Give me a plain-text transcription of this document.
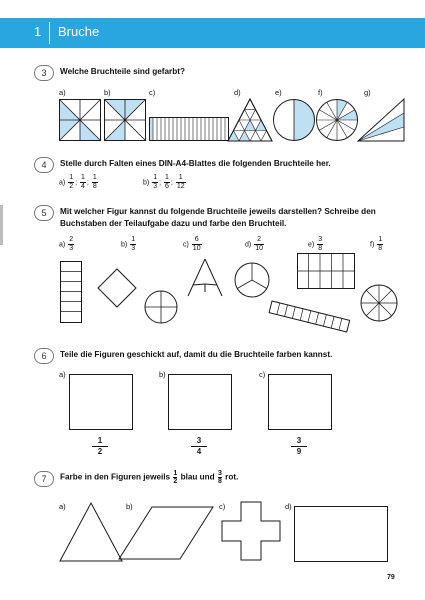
1 Bruche
3	Welche Bruchteile sind gefarbt?
a)	b)	c)	d)	e)	f)	g)
4	Stelle durch Falten eines DIN-A4-Blattes die folgenden Bruchteile her.
$a) \frac{1}{2}$ ; $\frac{1}{4}$ ; $\frac{1}{8}$	$b) \frac{1}{3}$ ; $\frac{1}{6}$ ; $\frac{1}{12}$
5	Mit welcher Figur kannst du folgende Bruchteile jeweils darstellen? Schreibe den
Buchstaben der Teilaufgabe dazu und farbe den Bruchteil.
$a) \frac{2}{3}$	$b) \frac{1}{3}$	$c) \frac{6}{10}$	$d) \frac{2}{10}$	$e) \frac{3}{8}$	$f) \frac{1}{8}$
6	Teile die Figuren geschickt auf, damit du die Bruchteile farben kannst.
a)	b)	c)
1
2
3
4
3
9
7	Farbe in den Figuren jeweils $\frac{1}{2}$ blau und $\frac{3}{8}$ rot.
a)	b)	c)	d)
79
